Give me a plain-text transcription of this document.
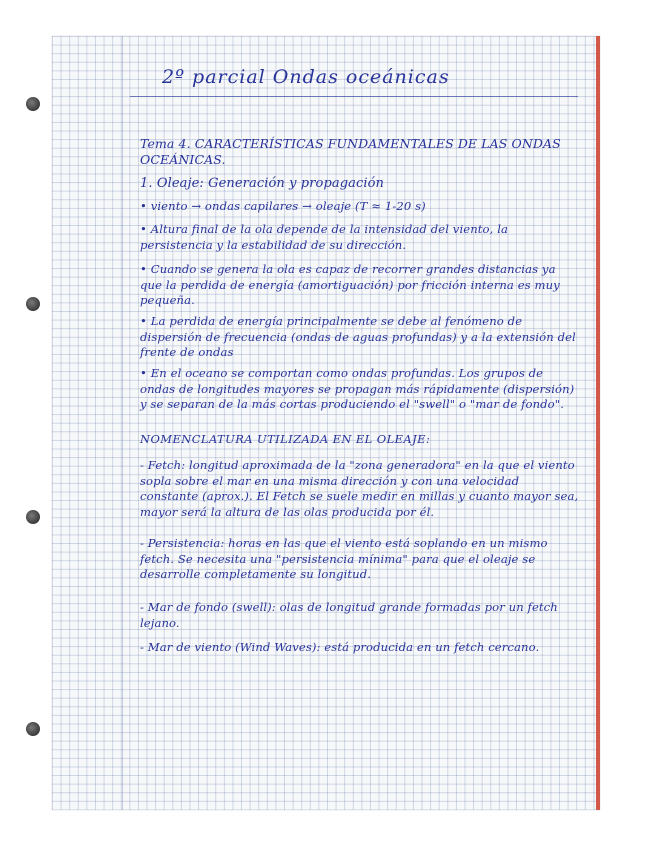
2º parcial Ondas oceánicas

Tema 4. CARACTERÍSTICAS FUNDAMENTALES DE LAS ONDAS OCEÁNICAS.

1. Oleaje: Generación y propagación

• viento → ondas capilares → oleaje (T ≈ 1-20 s)

• Altura final de la ola depende de la intensidad del viento, la persistencia y la estabilidad de su dirección.

• Cuando se genera la ola es capaz de recorrer grandes distancias ya que la perdida de energía (amortiguación) por fricción interna es muy pequeña.

• La perdida de energía principalmente se debe al fenómeno de dispersión de frecuencia (ondas de aguas profundas) y a la extensión del frente de ondas

• En el oceano se comportan como ondas profundas. Los grupos de ondas de longitudes mayores se propagan más rápidamente (dispersión) y se separan de la más cortas produciendo el "swell" o "mar de fondo".

NOMENCLATURA UTILIZADA EN EL OLEAJE:

- Fetch: longitud aproximada de la "zona generadora" en la que el viento sopla sobre el mar en una misma dirección y con una velocidad constante (aprox.). El Fetch se suele medir en millas y cuanto mayor sea, mayor será la altura de las olas producida por él.

- Persistencia: horas en las que el viento está soplando en un mismo fetch. Se necesita una "persistencia mínima" para que el oleaje se desarrolle completamente su longitud.

- Mar de fondo (swell): olas de longitud grande formadas por un fetch lejano.

- Mar de viento (Wind Waves): está producida en un fetch cercano.
